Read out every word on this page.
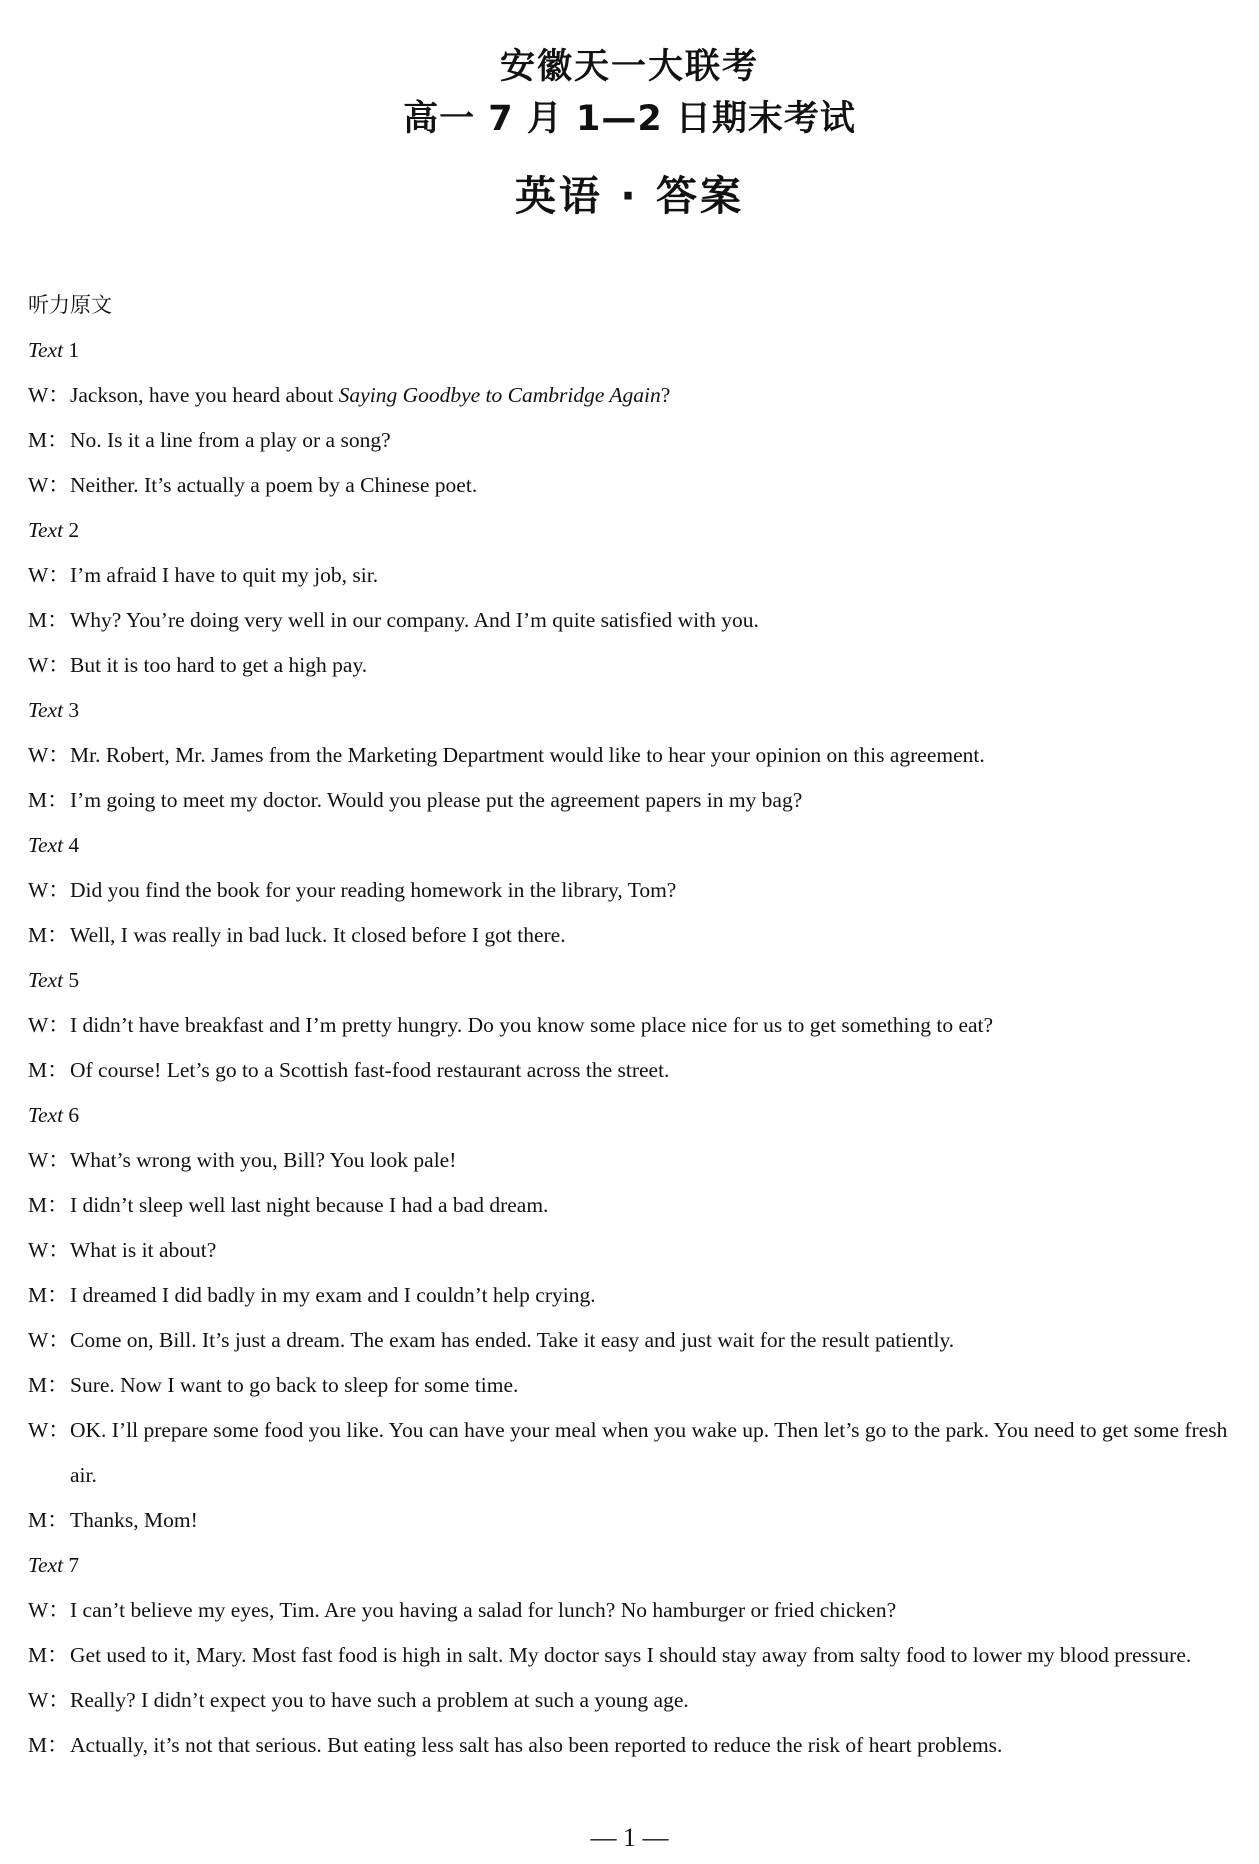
安徽天一大联考
高一 7 月 1—2 日期末考试
英语 · 答案
听力原文
Text 1
W：Jackson, have you heard about Saying Goodbye to Cambridge Again?
M：No. Is it a line from a play or a song?
W：Neither. It’s actually a poem by a Chinese poet.
Text 2
W：I’m afraid I have to quit my job, sir.
M：Why? You’re doing very well in our company. And I’m quite satisfied with you.
W：But it is too hard to get a high pay.
Text 3
W：Mr. Robert, Mr. James from the Marketing Department would like to hear your opinion on this agreement.
M：I’m going to meet my doctor. Would you please put the agreement papers in my bag?
Text 4
W：Did you find the book for your reading homework in the library, Tom?
M：Well, I was really in bad luck. It closed before I got there.
Text 5
W：I didn’t have breakfast and I’m pretty hungry. Do you know some place nice for us to get something to eat?
M：Of course! Let’s go to a Scottish fast-food restaurant across the street.
Text 6
W：What’s wrong with you, Bill? You look pale!
M：I didn’t sleep well last night because I had a bad dream.
W：What is it about?
M：I dreamed I did badly in my exam and I couldn’t help crying.
W：Come on, Bill. It’s just a dream. The exam has ended. Take it easy and just wait for the result patiently.
M：Sure. Now I want to go back to sleep for some time.
W：OK. I’ll prepare some food you like. You can have your meal when you wake up. Then let’s go to the park. You need to get some fresh air.
M：Thanks, Mom!
Text 7
W：I can’t believe my eyes, Tim. Are you having a salad for lunch? No hamburger or fried chicken?
M：Get used to it, Mary. Most fast food is high in salt. My doctor says I should stay away from salty food to lower my blood pressure.
W：Really? I didn’t expect you to have such a problem at such a young age.
M：Actually, it’s not that serious. But eating less salt has also been reported to reduce the risk of heart problems.
— 1 —
